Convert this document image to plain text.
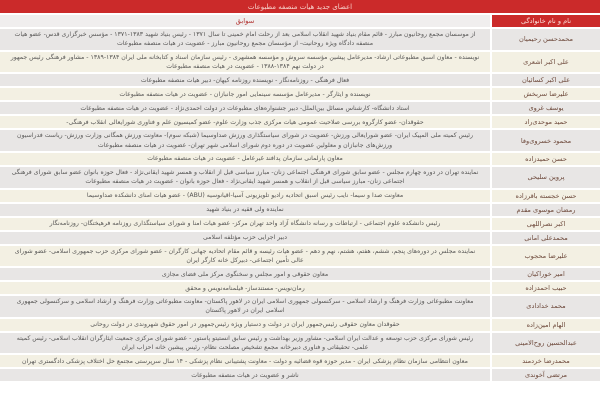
اعضای جدید هیات منصفه مطبوعات
نام و نام خانوادگی
سوابق
محمدحسن رحیمیان
از موسسان مجمع روحانیون مبارز - قائم مقام بنیاد شهید انقلاب اسلامی بعد از رحلت امام خمینی تا سال ۱۳۷۱ - رئیس بنیاد شهید ۱۳۸۳-۱۳۷۱ - مؤسس خبرگزاری قدس- عضو هیات منصفه دادگاه ویژه روحانیت- از مؤسسان مجمع روحانیون مبارز - عضویت در هیات منصفه مطبوعات
علی اکبر اشعری
نویسنده - معاون اسبق مطبوعاتی ارشاد- مدیرعامل پیشین مؤسسه سروش و مؤسسه همشهری - رئیس سازمان اسناد و کتابخانه ملی ایران ۱۳۸۴-۱۳۸۹ - مشاور فرهنگی رئیس جمهور در دولت نهم ۱۳۸۴-۱۳۸۸ - عضویت در هیات منصفه مطبوعات
علی اکبر کسائیان
فعال فرهنگی - روزنامه‌نگار - نویسنده روزنامه کیهان- دبیر هیات منصفه مطبوعات
علیرضا سربخش
نویسنده و ایثارگر - مدیرعامل مؤسسه سینمایی امور جانبازان - عضویت در هیات منصفه مطبوعات
یوسف غروی
استاد دانشگاه- کارشناس مسائل بین‌الملل- دبیر جشنواره‌های مطبوعات در دولت احمدی‌نژاد - عضویت در هیات منصفه مطبوعات
حمید موحدی‌راد
حقوقدان- عضو کارگروه بررسی صلاحیت عمومی هیات مرکزی جذب وزارت علوم- عضو کمیسیون علم و فناوری شورایعالی انقلاب فرهنگی-
محمود خسروی‌وفا
رئیس کمیته ملی المپیک ایران- عضو شورایعالی ورزش- عضویت در شورای سیاستگذاری ورزش صداوسیما (شبکه سوم)- معاونت ورزش همگانی وزارت ورزش- ریاست فدراسیون ورزش‌های جانبازان و معلولین عضویت در دوره دوم شورای اسلامی شهر تهران- عضویت در هیات منصفه مطبوعات
حسن حمیدزاده
معاون پارلمانی سازمان پدافند غیرعامل - عضویت در هیات منصفه مطبوعات
پروین سلیحی
نماینده تهران در دوره چهارم مجلس - عضو سابق شورای فرهنگی اجتماعی زنان- مبارز سیاسی قبل از انقلاب و همسر شهید ایقانی‌نژاد - فعال حوزه بانوان عضو سابق شورای فرهنگی اجتماعی زنان- مبارز سیاسی قبل از انقلاب و همسر شهید ایقانی‌نژاد - فعال حوزه بانوان - عضویت در هیات منصفه مطبوعات
حسن خجسته باقرزاده
معاونت صدا و سیما- نایب رئیس اسبق اتحادیه رادیو تلویزیونی آسیا-اقیانوسیه (ABU) - عضو هیات امنای دانشکده صداوسیما
رمضان موسوی مقدم
نماینده ولی فقیه در بنیاد شهید
اکبر نصراللهی
رئیس دانشکده علوم اجتماعی - ارتباطات و رسانه دانشگاه آزاد واحد تهران مرکز- عضو هیات امنا و شورای سیاستگذاری روزنامه فرهیختگان- روزنامه‌نگار
محمدعلی امانی
دبیر اجرایی حزب مؤتلفه اسلامی
علیرضا محجوب
نماینده مجلس در دوره‌های پنجم، ششم، هفتم، هشتم، نهم و دهم - عضو هیات رئیسه و قائم مقام اتحادیه جهانی کارگران - عضو شورای مرکزی حزب جمهوری اسلامی- عضو شورای عالی تأمین اجتماعی- دبیرکل خانه کارگر ایران
امیر خوراکیان
معاون حقوقی و امور مجلس و سخنگوی مرکز ملی فضای مجازی
حبیب احمدزاده
رمان‌نویس- مستندساز- فیلمنامه‌نویس و محقق
محمد خدادادی
معاونت مطبوعاتی وزارت فرهنگ و ارشاد اسلامی - سرکنسولی جمهوری اسلامی ایران در لاهور پاکستان- معاونت مطبوعاتی وزارت فرهنگ و ارشاد اسلامی و سرکنسولی جمهوری اسلامی ایران در لاهور پاکستان
الهام امین‌زاده
حقوقدان معاون حقوقی رئیس‌جمهور ایران در دولت و دستیار ویژه رئیس‌جمهور در امور حقوق شهروندی در دولت روحانی
عبدالحسین روح‌الامینی
رئیس شورای مرکزی حزب توسعه و عدالت ایران اسلامی- مشاور وزیر بهداشت و رئیس سابق انستیتو پاستور - عضو شورای مرکزی جمعیت ایثارگران انقلاب اسلامی- رئیس کمیته علمی- تحقیقاتی و فناوری دبیرخانه مجمع تشخیص مصلحت نظام- رئیس پیشین خانه احزاب ایران
محمدرضا خردمند
معاون انتظامی سازمان نظام پزشکی ایران - مدیر حوزه قوه قضائیه و دولت - معاونت پشتیبانی نظام پزشکی - ۱۴ سال سرپرستی مجتمع حل اختلاف پزشکی دادگستری تهران
مرتضی آخوندی
ناشر و عضویت در هیات منصفه مطبوعات
